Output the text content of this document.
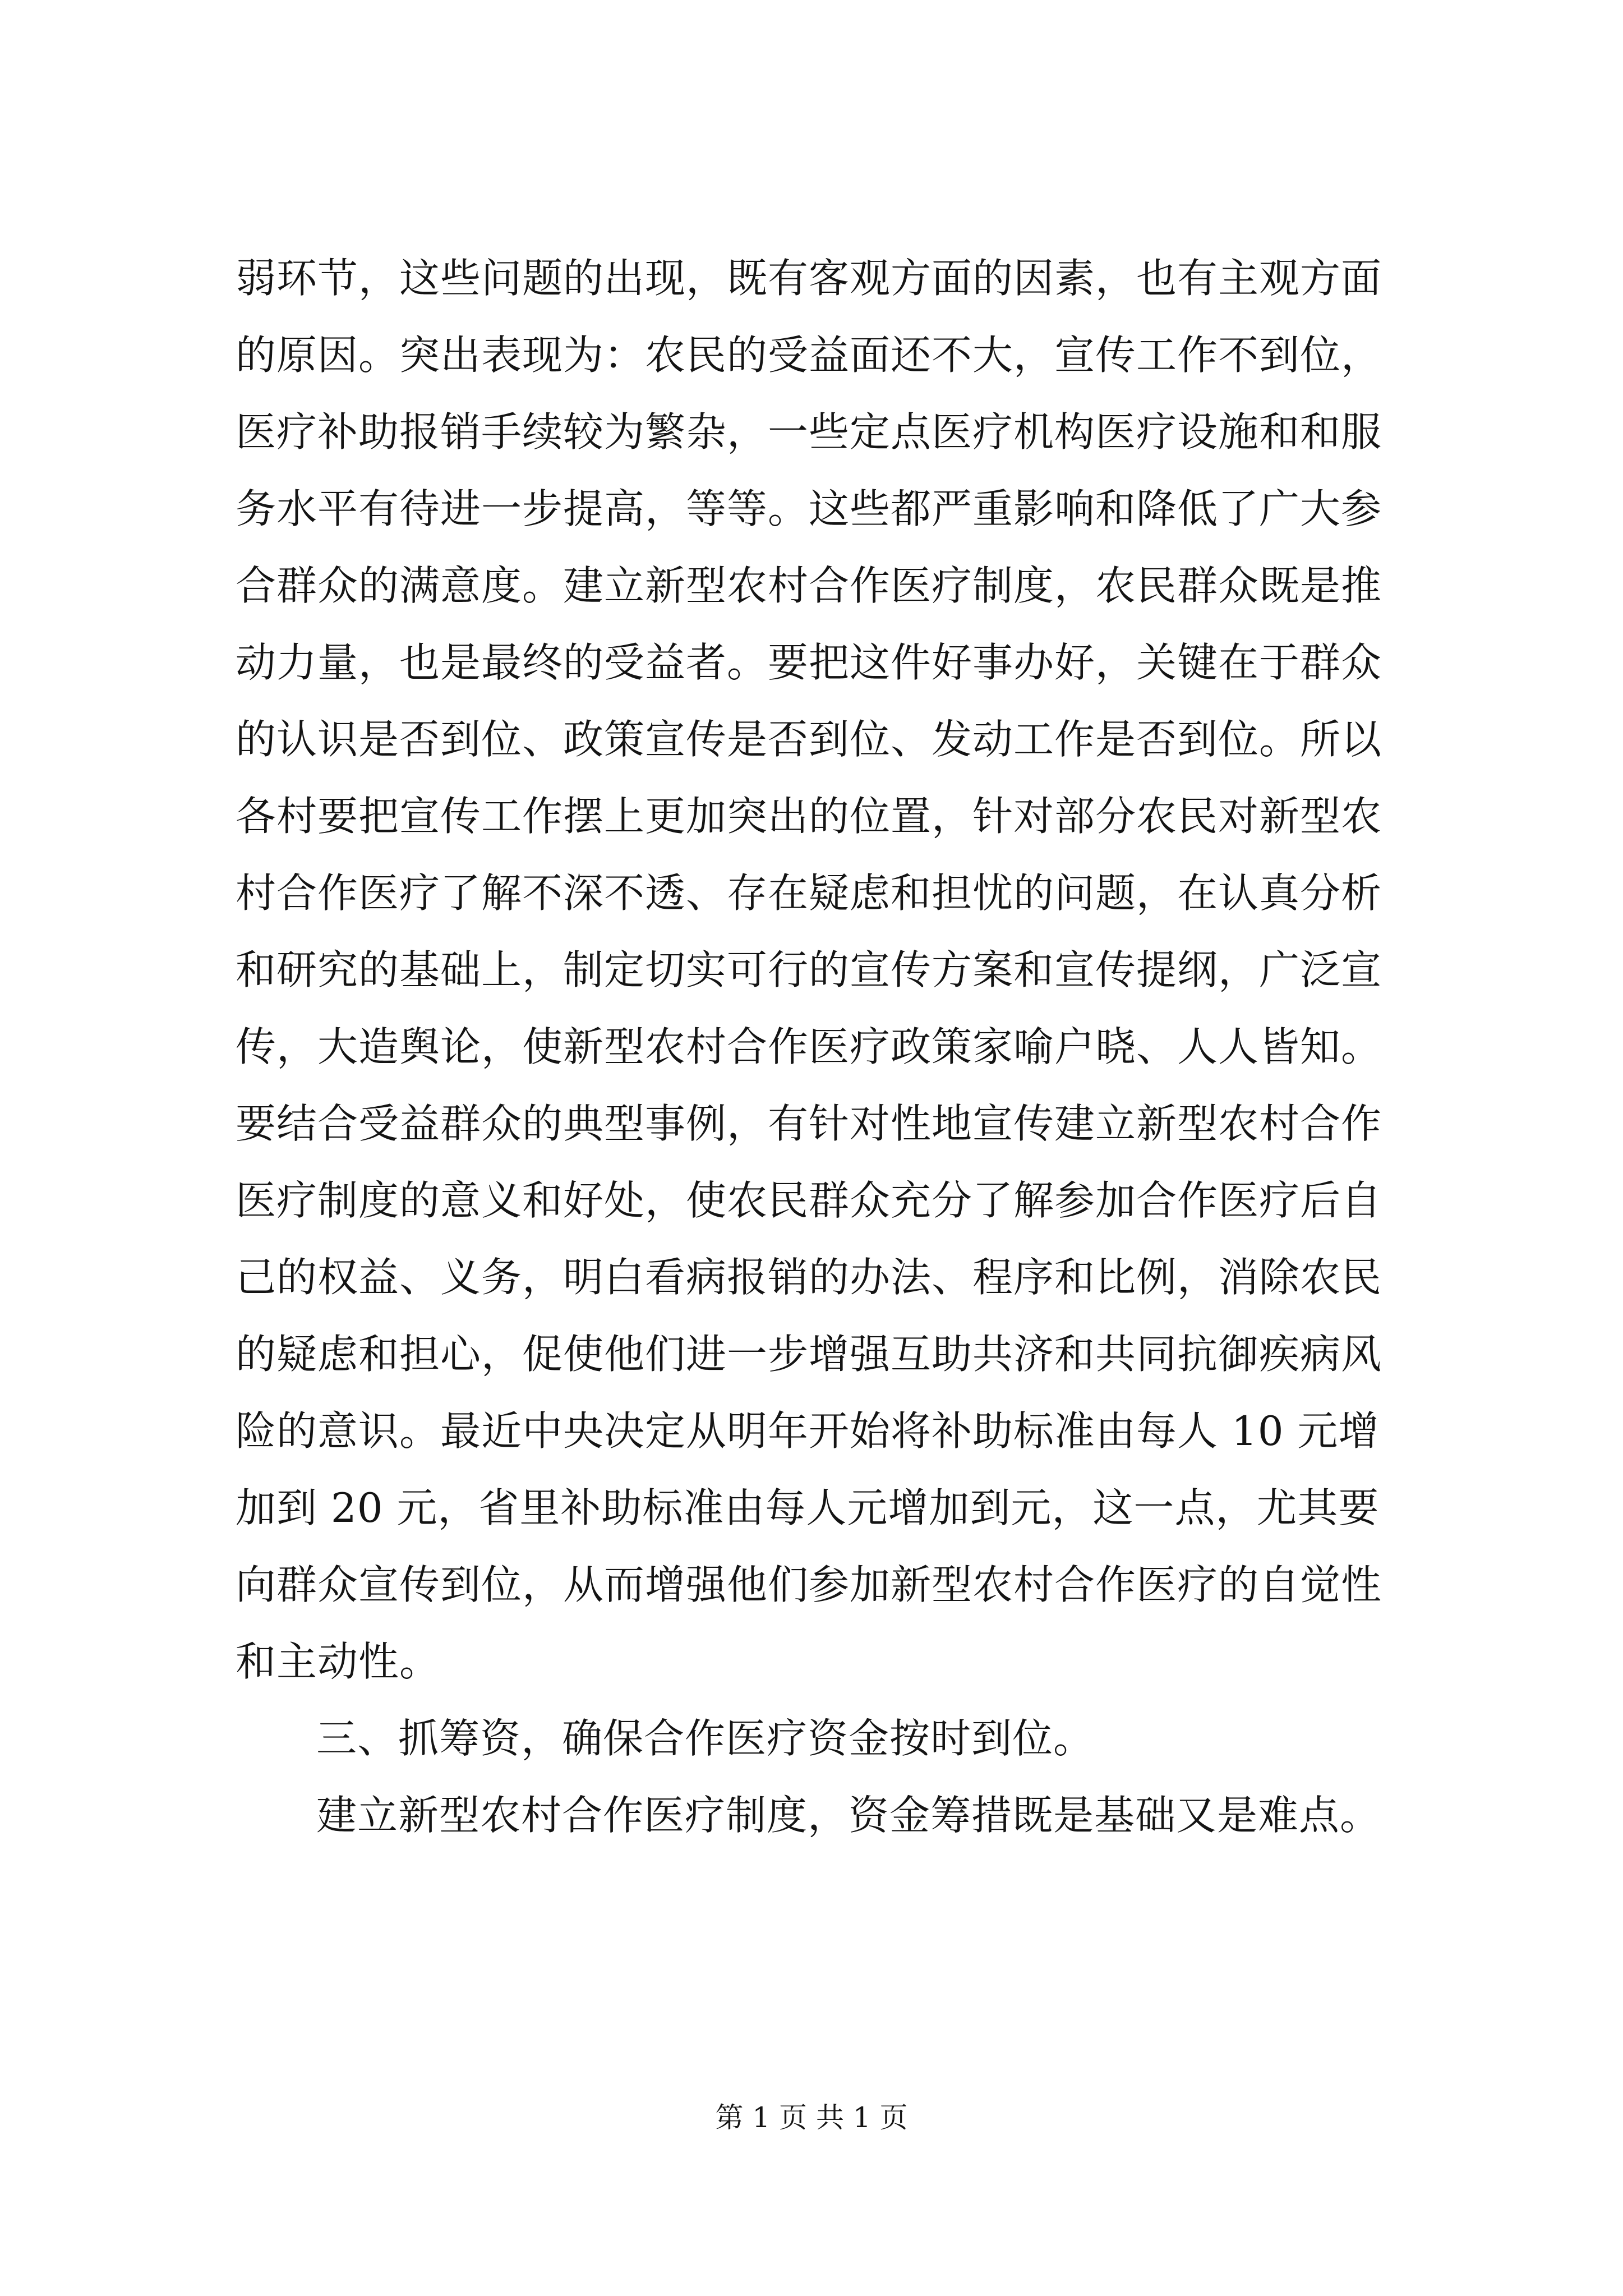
弱环节，这些问题的出现，既有客观方面的因素，也有主观方面
的原因。突出表现为：农民的受益面还不大，宣传工作不到位，
医疗补助报销手续较为繁杂，一些定点医疗机构医疗设施和和服
务水平有待进一步提高，等等。这些都严重影响和降低了广大参
合群众的满意度。建立新型农村合作医疗制度，农民群众既是推
动力量，也是最终的受益者。要把这件好事办好，关键在于群众
的认识是否到位、政策宣传是否到位、发动工作是否到位。所以
各村要把宣传工作摆上更加突出的位置，针对部分农民对新型农
村合作医疗了解不深不透、存在疑虑和担忧的问题，在认真分析
和研究的基础上，制定切实可行的宣传方案和宣传提纲，广泛宣
传，大造舆论，使新型农村合作医疗政策家喻户晓、人人皆知。
要结合受益群众的典型事例，有针对性地宣传建立新型农村合作
医疗制度的意义和好处，使农民群众充分了解参加合作医疗后自
己的权益、义务，明白看病报销的办法、程序和比例，消除农民
的疑虑和担心，促使他们进一步增强互助共济和共同抗御疾病风
险的意识。最近中央决定从明年开始将补助标准由每人 10 元增
加到 20 元，省里补助标准由每人元增加到元，这一点，尤其要
向群众宣传到位，从而增强他们参加新型农村合作医疗的自觉性
和主动性。
三、抓筹资，确保合作医疗资金按时到位。
建立新型农村合作医疗制度，资金筹措既是基础又是难点。
第 1 页 共 1 页
